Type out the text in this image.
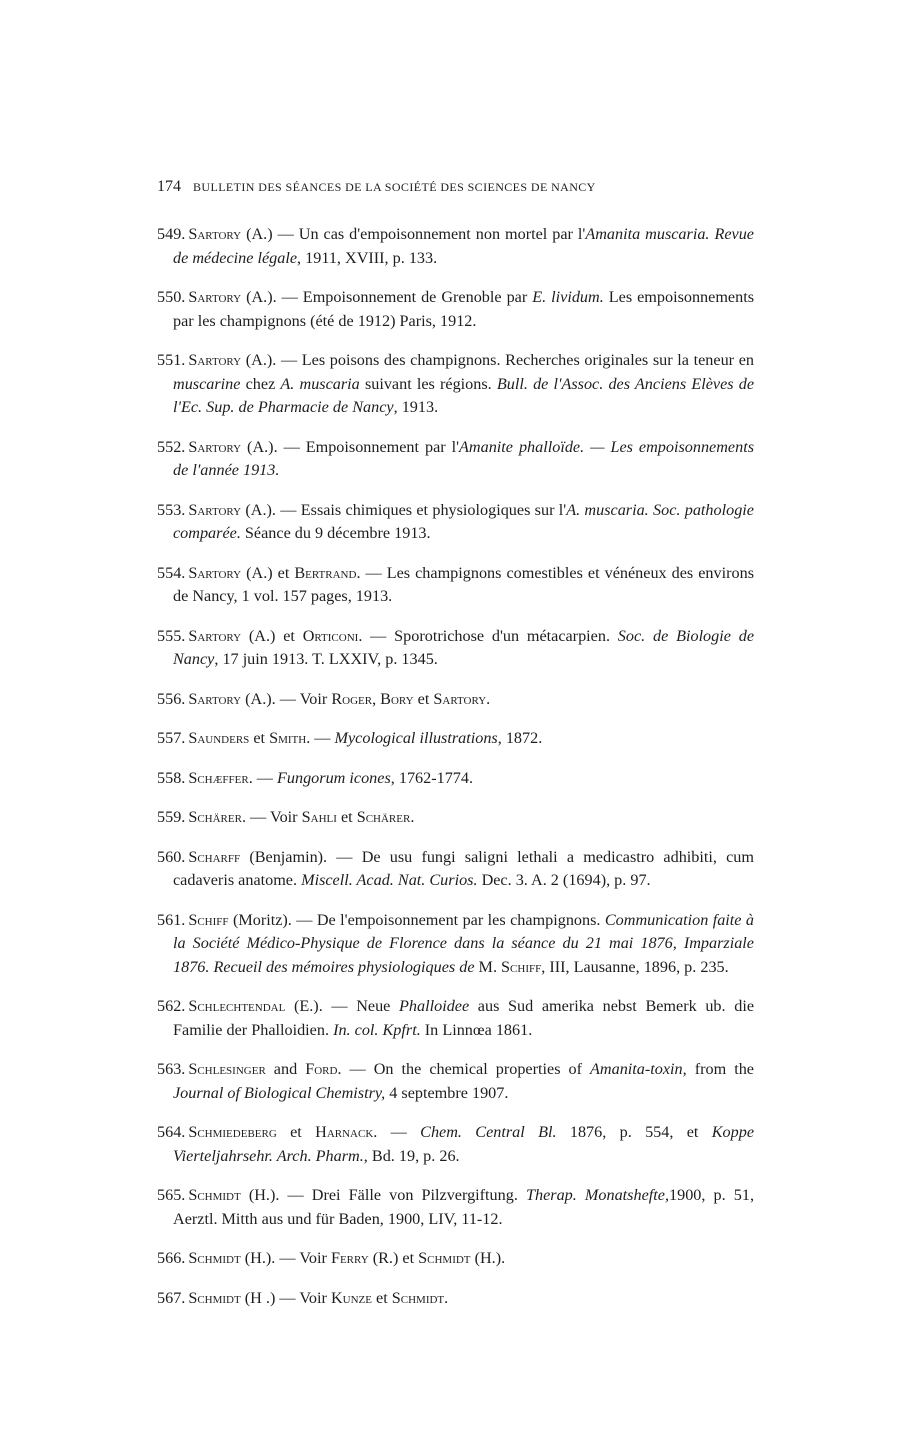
174 BULLETIN DES SÉANCES DE LA SOCIÉTÉ DES SCIENCES DE NANCY

549. Sartory (A.) — Un cas d'empoisonnement non mortel par l'Amanita muscaria. Revue de médecine légale, 1911, XVIII, p. 133.

550. Sartory (A.). — Empoisonnement de Grenoble par E. lividum. Les empoisonnements par les champignons (été de 1912) Paris, 1912.

551. Sartory (A.). — Les poisons des champignons. Recherches originales sur la teneur en muscarine chez A. muscaria suivant les régions. Bull. de l'Assoc. des Anciens Elèves de l'Ec. Sup. de Pharmacie de Nancy, 1913.

552. Sartory (A.). — Empoisonnement par l'Amanite phalloïde. — Les empoisonnements de l'année 1913.

553. Sartory (A.). — Essais chimiques et physiologiques sur l'A. muscaria. Soc. pathologie comparée. Séance du 9 décembre 1913.

554. Sartory (A.) et Bertrand. — Les champignons comestibles et vénéneux des environs de Nancy, 1 vol. 157 pages, 1913.

555. Sartory (A.) et Orticoni. — Sporotrichose d'un métacarpien. Soc. de Biologie de Nancy, 17 juin 1913. T. LXXIV, p. 1345.

556. Sartory (A.). — Voir Roger, Bory et Sartory.

557. Saunders et Smith. — Mycological illustrations, 1872.

558. Schæffer. — Fungorum icones, 1762-1774.

559. Schärer. — Voir Sahli et Schärer.

560. Scharff (Benjamin). — De usu fungi saligni lethali a medicastro adhibiti, cum cadaveris anatome. Miscell. Acad. Nat. Curios. Dec. 3. A. 2 (1694), p. 97.

561. Schiff (Moritz). — De l'empoisonnement par les champignons. Communication faite à la Société Médico-Physique de Florence dans la séance du 21 mai 1876, Imparziale 1876. Recueil des mémoires physiologiques de M. Schiff, III, Lausanne, 1896, p. 235.

562. Schlechtendal (E.). — Neue Phalloidee aus Sud amerika nebst Bemerk ub. die Familie der Phalloidien. In. col. Kpfrt. In Linnœa 1861.

563. Schlesinger and Ford. — On the chemical properties of Amanita-toxin, from the Journal of Biological Chemistry, 4 septembre 1907.

564. Schmiedeberg et Harnack. — Chem. Central Bl. 1876, p. 554, et Koppe Vierteljahrsehr. Arch. Pharm., Bd. 19, p. 26.

565. Schmidt (H.). — Drei Fälle von Pilzvergiftung. Therap. Monatshefte,1900, p. 51, Aerztl. Mitth aus und für Baden, 1900, LIV, 11-12.

566. Schmidt (H.). — Voir Ferry (R.) et Schmidt (H.).

567. Schmidt (H .) — Voir Kunze et Schmidt.
